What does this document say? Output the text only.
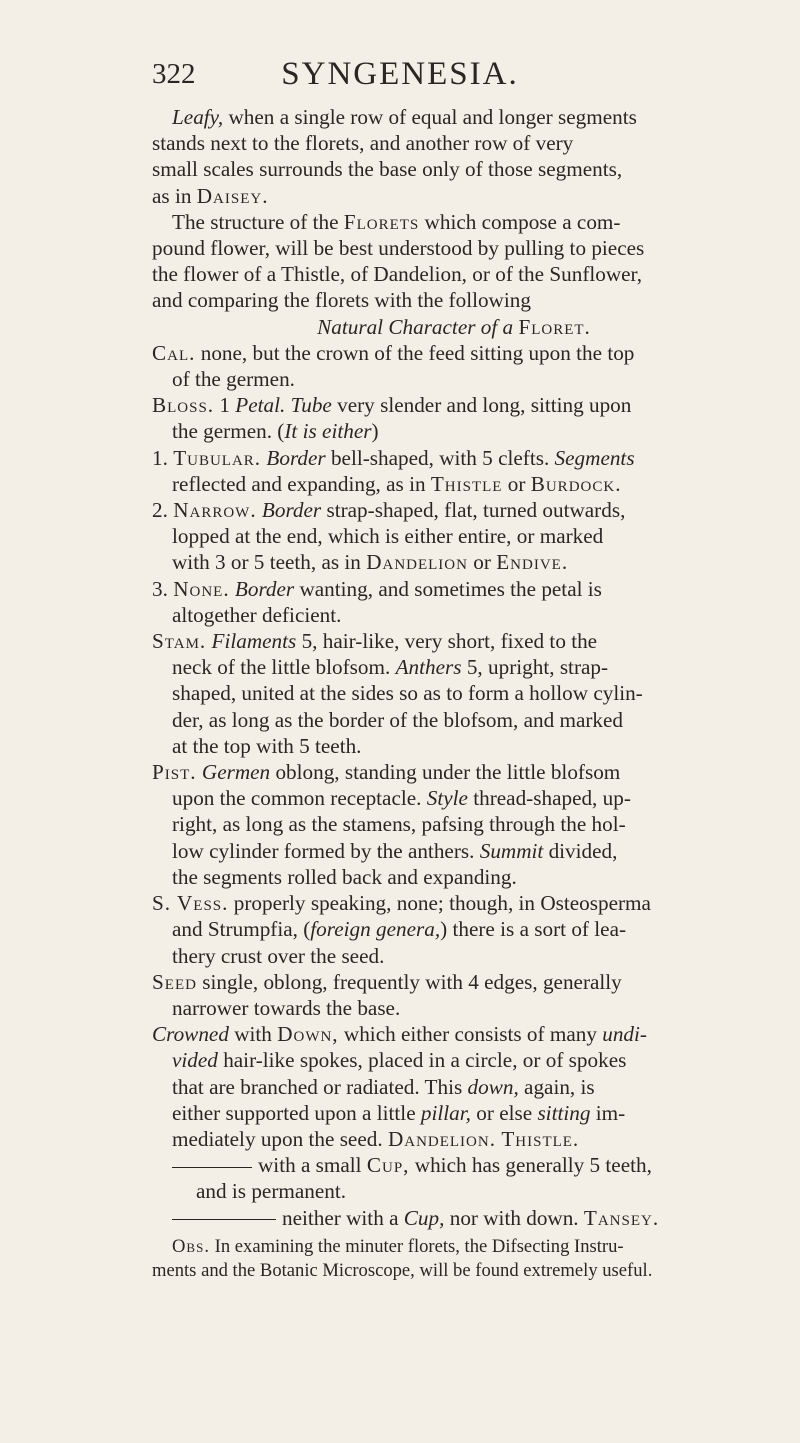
322	SYNGENESIA.

Leafy, when a single row of equal and longer segments

stands next to the florets, and another row of very

small scales surrounds the base only of those segments,

as in Daisey.

The structure of the Florets which compose a com-

pound flower, will be best understood by pulling to pieces

the flower of a Thistle, of Dandelion, or of the Sunflower,

and comparing the florets with the following

Natural Character of a Floret.

Cal. none, but the crown of the feed sitting upon the top

of the germen.

Bloss. 1 Petal. Tube very slender and long, sitting upon

the germen. (It is either)

1. Tubular. Border bell-shaped, with 5 clefts. Segments

reflected and expanding, as in Thistle or Burdock.

2. Narrow. Border strap-shaped, flat, turned outwards,

lopped at the end, which is either entire, or marked

with 3 or 5 teeth, as in Dandelion or Endive.

3. None. Border wanting, and sometimes the petal is

altogether deficient.

Stam. Filaments 5, hair-like, very short, fixed to the

neck of the little blofsom. Anthers 5, upright, strap-

shaped, united at the sides so as to form a hollow cylin-

der, as long as the border of the blofsom, and marked

at the top with 5 teeth.

Pist. Germen oblong, standing under the little blofsom

upon the common receptacle. Style thread-shaped, up-

right, as long as the stamens, pafsing through the hol-

low cylinder formed by the anthers. Summit divided,

the segments rolled back and expanding.

S. Vess. properly speaking, none; though, in Osteosperma

and Strumpfia, (foreign genera,) there is a sort of lea-

thery crust over the seed.

Seed single, oblong, frequently with 4 edges, generally

narrower towards the base.

Crowned with Down, which either consists of many undi-

vided hair-like spokes, placed in a circle, or of spokes

that are branched or radiated. This down, again, is

either supported upon a little pillar, or else sitting im-

mediately upon the seed. Dandelion. Thistle.

with a small Cup, which has generally 5 teeth,

and is permanent.

neither with a Cup, nor with down. Tansey.

Obs. In examining the minuter florets, the Difsecting Instru-

ments and the Botanic Microscope, will be found extremely useful.
